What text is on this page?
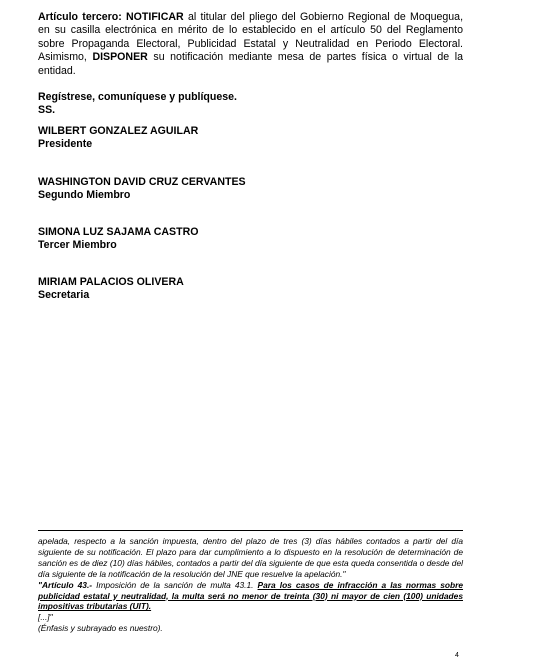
Artículo tercero: NOTIFICAR al titular del pliego del Gobierno Regional de Moquegua, en su casilla electrónica en mérito de lo establecido en el artículo 50 del Reglamento sobre Propaganda Electoral, Publicidad Estatal y Neutralidad en Periodo Electoral. Asimismo, DISPONER su notificación mediante mesa de partes física o virtual de la entidad.

Regístrese, comuníquese y publíquese.

SS.

WILBERT GONZALEZ AGUILAR
Presidente
WASHINGTON DAVID CRUZ CERVANTES
Segundo Miembro
SIMONA LUZ SAJAMA CASTRO
Tercer Miembro
MIRIAM PALACIOS OLIVERA
Secretaria

apelada, respecto a la sanción impuesta, dentro del plazo de tres (3) días hábiles contados a partir del día siguiente de su notificación. El plazo para dar cumplimiento a lo dispuesto en la resolución de determinación de sanción es de diez (10) días hábiles, contados a partir del día siguiente de que esta queda consentida o desde del día siguiente de la notificación de la resolución del JNE que resuelve la apelación."

"Artículo 43.- Imposición de la sanción de multa 43.1. Para los casos de infracción a las normas sobre publicidad estatal y neutralidad, la multa será no menor de treinta (30) ni mayor de cien (100) unidades impositivas tributarias (UIT).

[...]"

(Énfasis y subrayado es nuestro).

4
